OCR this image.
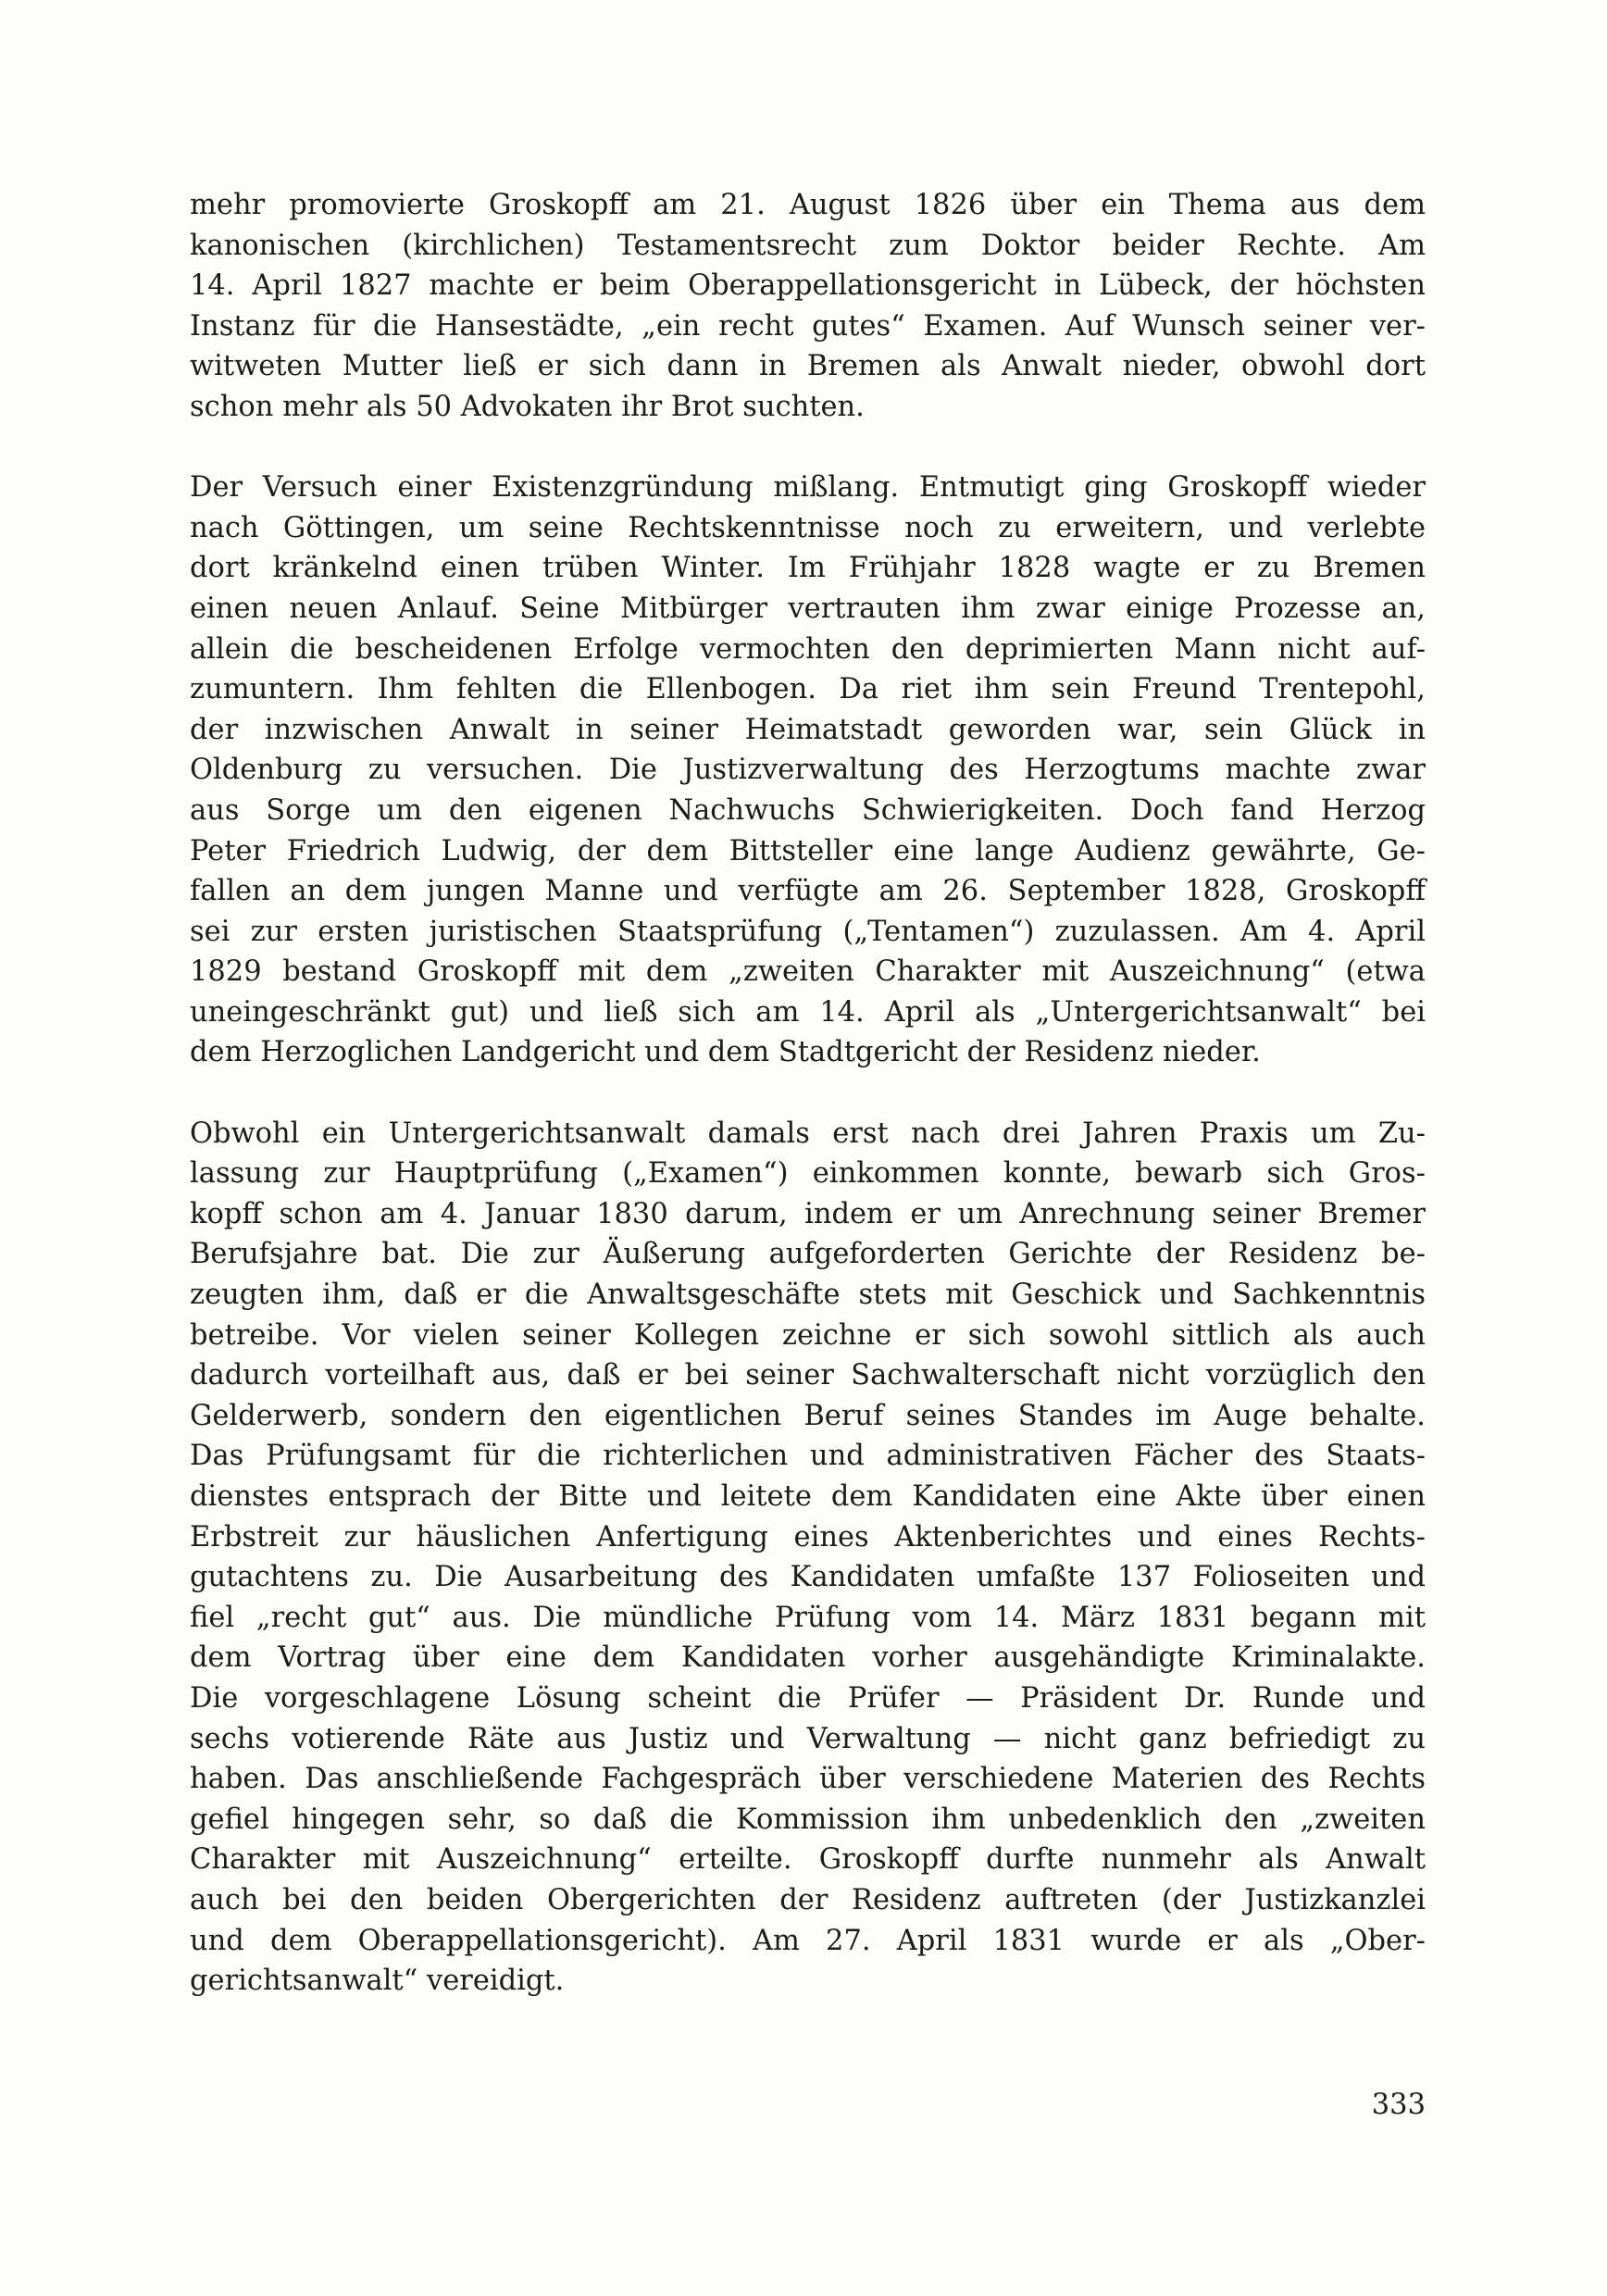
mehr promovierte Groskopff am 21. August 1826 über ein Thema aus dem
kanonischen (kirchlichen) Testamentsrecht zum Doktor beider Rechte. Am
14. April 1827 machte er beim Oberappellationsgericht in Lübeck, der höchsten
Instanz für die Hansestädte, „ein recht gutes“ Examen. Auf Wunsch seiner ver-
witweten Mutter ließ er sich dann in Bremen als Anwalt nieder, obwohl dort
schon mehr als 50 Advokaten ihr Brot suchten.

Der Versuch einer Existenzgründung mißlang. Entmutigt ging Groskopff wieder
nach Göttingen, um seine Rechtskenntnisse noch zu erweitern, und verlebte
dort kränkelnd einen trüben Winter. Im Frühjahr 1828 wagte er zu Bremen
einen neuen Anlauf. Seine Mitbürger vertrauten ihm zwar einige Prozesse an,
allein die bescheidenen Erfolge vermochten den deprimierten Mann nicht auf-
zumuntern. Ihm fehlten die Ellenbogen. Da riet ihm sein Freund Trentepohl,
der inzwischen Anwalt in seiner Heimatstadt geworden war, sein Glück in
Oldenburg zu versuchen. Die Justizverwaltung des Herzogtums machte zwar
aus Sorge um den eigenen Nachwuchs Schwierigkeiten. Doch fand Herzog
Peter Friedrich Ludwig, der dem Bittsteller eine lange Audienz gewährte, Ge-
fallen an dem jungen Manne und verfügte am 26. September 1828, Groskopff
sei zur ersten juristischen Staatsprüfung („Tentamen“) zuzulassen. Am 4. April
1829 bestand Groskopff mit dem „zweiten Charakter mit Auszeichnung“ (etwa
uneingeschränkt gut) und ließ sich am 14. April als „Untergerichtsanwalt“ bei
dem Herzoglichen Landgericht und dem Stadtgericht der Residenz nieder.

Obwohl ein Untergerichtsanwalt damals erst nach drei Jahren Praxis um Zu-
lassung zur Hauptprüfung („Examen“) einkommen konnte, bewarb sich Gros-
kopff schon am 4. Januar 1830 darum, indem er um Anrechnung seiner Bremer
Berufsjahre bat. Die zur Äußerung aufgeforderten Gerichte der Residenz be-
zeugten ihm, daß er die Anwaltsgeschäfte stets mit Geschick und Sachkenntnis
betreibe. Vor vielen seiner Kollegen zeichne er sich sowohl sittlich als auch
dadurch vorteilhaft aus, daß er bei seiner Sachwalterschaft nicht vorzüglich den
Gelderwerb, sondern den eigentlichen Beruf seines Standes im Auge behalte.
Das Prüfungsamt für die richterlichen und administrativen Fächer des Staats-
dienstes entsprach der Bitte und leitete dem Kandidaten eine Akte über einen
Erbstreit zur häuslichen Anfertigung eines Aktenberichtes und eines Rechts-
gutachtens zu. Die Ausarbeitung des Kandidaten umfaßte 137 Folioseiten und
fiel „recht gut“ aus. Die mündliche Prüfung vom 14. März 1831 begann mit
dem Vortrag über eine dem Kandidaten vorher ausgehändigte Kriminalakte.
Die vorgeschlagene Lösung scheint die Prüfer — Präsident Dr. Runde und
sechs votierende Räte aus Justiz und Verwaltung — nicht ganz befriedigt zu
haben. Das anschließende Fachgespräch über verschiedene Materien des Rechts
gefiel hingegen sehr, so daß die Kommission ihm unbedenklich den „zweiten
Charakter mit Auszeichnung“ erteilte. Groskopff durfte nunmehr als Anwalt
auch bei den beiden Obergerichten der Residenz auftreten (der Justizkanzlei
und dem Oberappellationsgericht). Am 27. April 1831 wurde er als „Ober-
gerichtsanwalt“ vereidigt.

333
